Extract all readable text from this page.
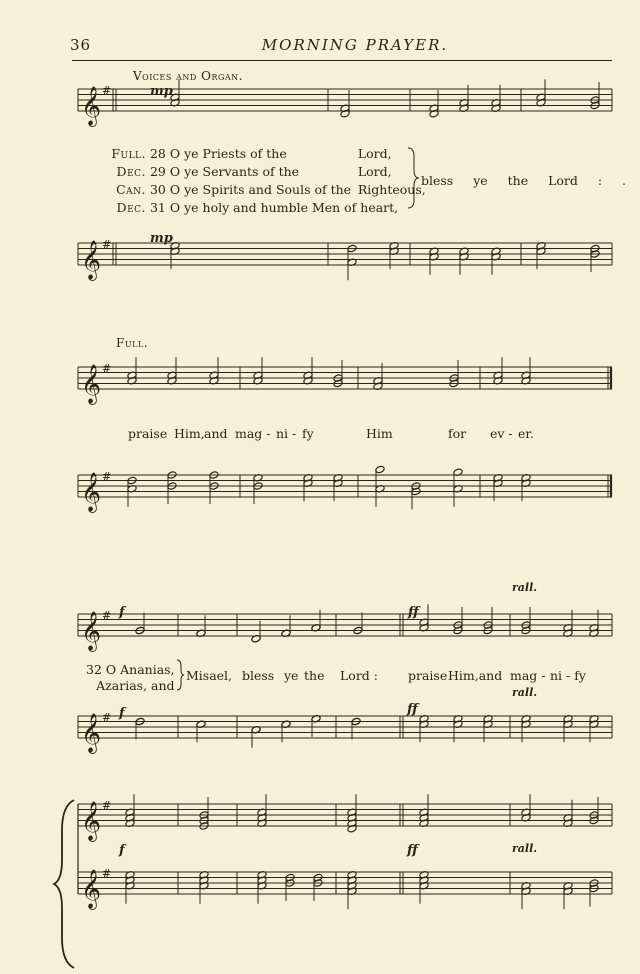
36	MORNING PRAYER.
𝄞 #
𝄞 #
𝄞 #
𝄞 #
𝄞 #
𝄞 #
𝄞 #
𝄞 #
Voices and Organ.
mp
mp
Full. 28 O ye Priests of the	Lord,
Dec. 29 O ye Servants of the	Lord,
Can. 30 O ye Spirits and Souls of the Righteous,
Dec. 31 O ye holy and humble Men of heart,
bless ye the Lord : .
Full.
praise Him, and mag - ni - fy	Him	for ev - er.
f	ff
rall.
32 O Ananias,
Azarias, and
Misael, bless ye the Lord : praise Him,and mag - ni - fy
f	ff
rall.
f	ff	rall.
